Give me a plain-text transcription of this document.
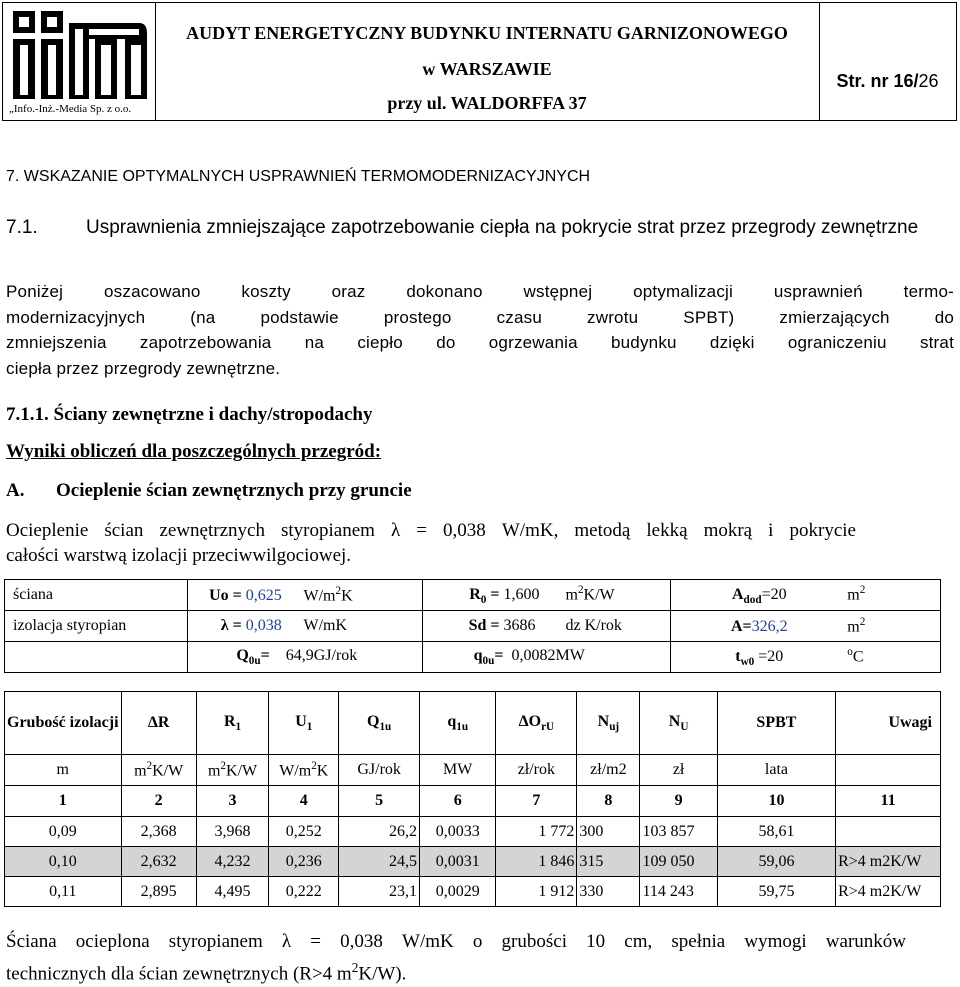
„Info.-Inż.-Media Sp. z o.o.
AUDYT ENERGETYCZNY BUDYNKU INTERNATU GARNIZONOWEGO
w WARSZAWIE
przy ul. WALDORFFA 37
Str. nr 16/26
7. WSKAZANIE OPTYMALNYCH USPRAWNIEŃ TERMOMODERNIZACYJNYCH
7.1.	Usprawnienia zmniejszające zapotrzebowanie ciepła na pokrycie strat przez przegrody zewnętrzne
Poniżej oszacowano koszty oraz dokonano wstępnej optymalizacji usprawnień termo-
modernizacyjnych (na podstawie prostego czasu zwrotu SPBT) zmierzających do
zmniejszenia zapotrzebowania na ciepło do ogrzewania budynku dzięki ograniczeniu strat
ciepła przez przegrody zewnętrzne.
7.1.1. Ściany zewnętrzne i dachy/stropodachy
Wyniki obliczeń dla poszczególnych przegród:
A. Ocieplenie ścian zewnętrznych przy gruncie
Ocieplenie ścian zewnętrznych styropianem λ = 0,038 W/mK, metodą lekką mokrą i pokrycie
całości warstwą izolacji przeciwwilgociowej.
ściana	Uo = 0,625 $W/m^2K$	$R_0 = 1,600$ $m^2K/W$	$A_{dod}=20$ $m^2$
izolacja styropian	λ = 0,038 W/mK	Sd = 3686 dz K/rok	A=326,2 $m^2$
	$Q_{0u}= 64,9GJ/rok$	$q_{0u}= 0,0082MW$	$t_{w0} =20$ $^o$C
Grubość izolacji	ΔR	$R_1$	$U_1$	$Q_{1u}$	$q_{1u}$	$\Delta O_{rU}$	$N_{uj}$	$N_U$	SPBT	Uwagi
m	$m^2K/W$	$m^2K/W$	$W/m^2K$	GJ/rok	MW	zł/rok	zł/m2	zł	lata	
1	2	3	4	5	6	7	8	9	10	11
0,09	2,368	3,968	0,252	26,2	0,0033	1 772	300	103 857	58,61	
0,10	2,632	4,232	0,236	24,5	0,0031	1 846	315	109 050	59,06	R>4 m2K/W
0,11	2,895	4,495	0,222	23,1	0,0029	1 912	330	114 243	59,75	R>4 m2K/W
Ściana ocieplona styropianem λ = 0,038 W/mK o grubości 10 cm, spełnia wymogi warunków
technicznych dla ścian zewnętrznych (R>4 $m^2K/W$).
